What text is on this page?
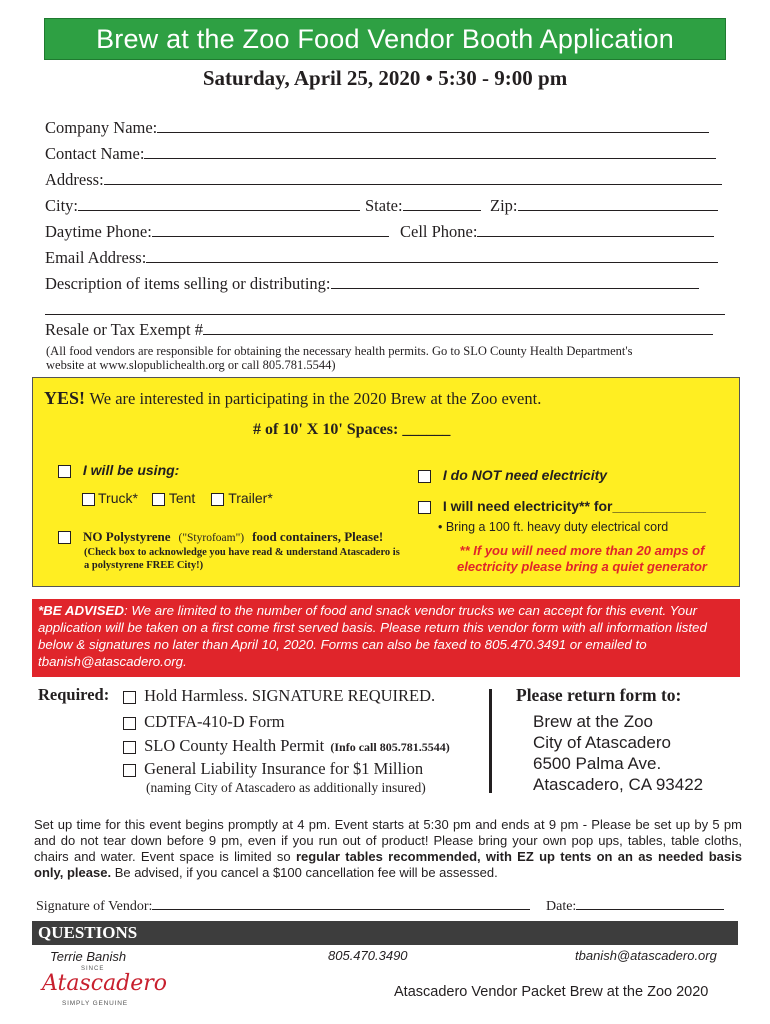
Brew at the Zoo Food Vendor Booth Application
Saturday, April 25, 2020 • 5:30 - 9:00 pm
Company Name:
Contact Name:
Address:
City:	State:	Zip:
Daytime Phone:	Cell Phone:
Email Address:
Description of items selling or distributing:
Resale or Tax Exempt #
(All food vendors are responsible for obtaining the necessary health permits. Go to SLO County Health Department's website at www.slopublichealth.org or call 805.781.5544)
YES! We are interested in participating in the 2020 Brew at the Zoo event.
# of 10' X 10' Spaces: ______
I will be using:
Truck* Tent Trailer*
NO Polystyrene ("Styrofoam") food containers, Please!
(Check box to acknowledge you have read & understand Atascadero is a polystyrene FREE City!)
I do NOT need electricity
I will need electricity** for____________
• Bring a 100 ft. heavy duty electrical cord
** If you will need more than 20 amps of electricity please bring a quiet generator

*BE ADVISED: We are limited to the number of food and snack vendor trucks we can accept for this event. Your application will be taken on a first come first served basis. Please return this vendor form with all information listed below & signatures no later than April 10, 2020. Forms can also be faxed to 805.470.3491 or emailed to tbanish@atascadero.org.

Required:	Hold Harmless. SIGNATURE REQUIRED.
CDTFA-410-D Form
SLO County Health Permit (Info call 805.781.5544)
General Liability Insurance for $1 Million
(naming City of Atascadero as additionally insured)
Please return form to:
Brew at the Zoo
City of Atascadero
6500 Palma Ave.
Atascadero, CA 93422
Set up time for this event begins promptly at 4 pm. Event starts at 5:30 pm and ends at 9 pm - Please be set up by 5 pm and do not tear down before 9 pm, even if you run out of product! Please bring your own pop ups, tables, table cloths, chairs and water. Event space is limited so regular tables recommended, with EZ up tents on an as needed basis only, please. Be advised, if you cancel a $100 cancellation fee will be assessed.
Signature of Vendor:	Date:
QUESTIONS
Terrie Banish	805.470.3490	tbanish@atascadero.org
SINCE
Atascadero
SIMPLY GENUINE
Atascadero Vendor Packet Brew at the Zoo 2020
